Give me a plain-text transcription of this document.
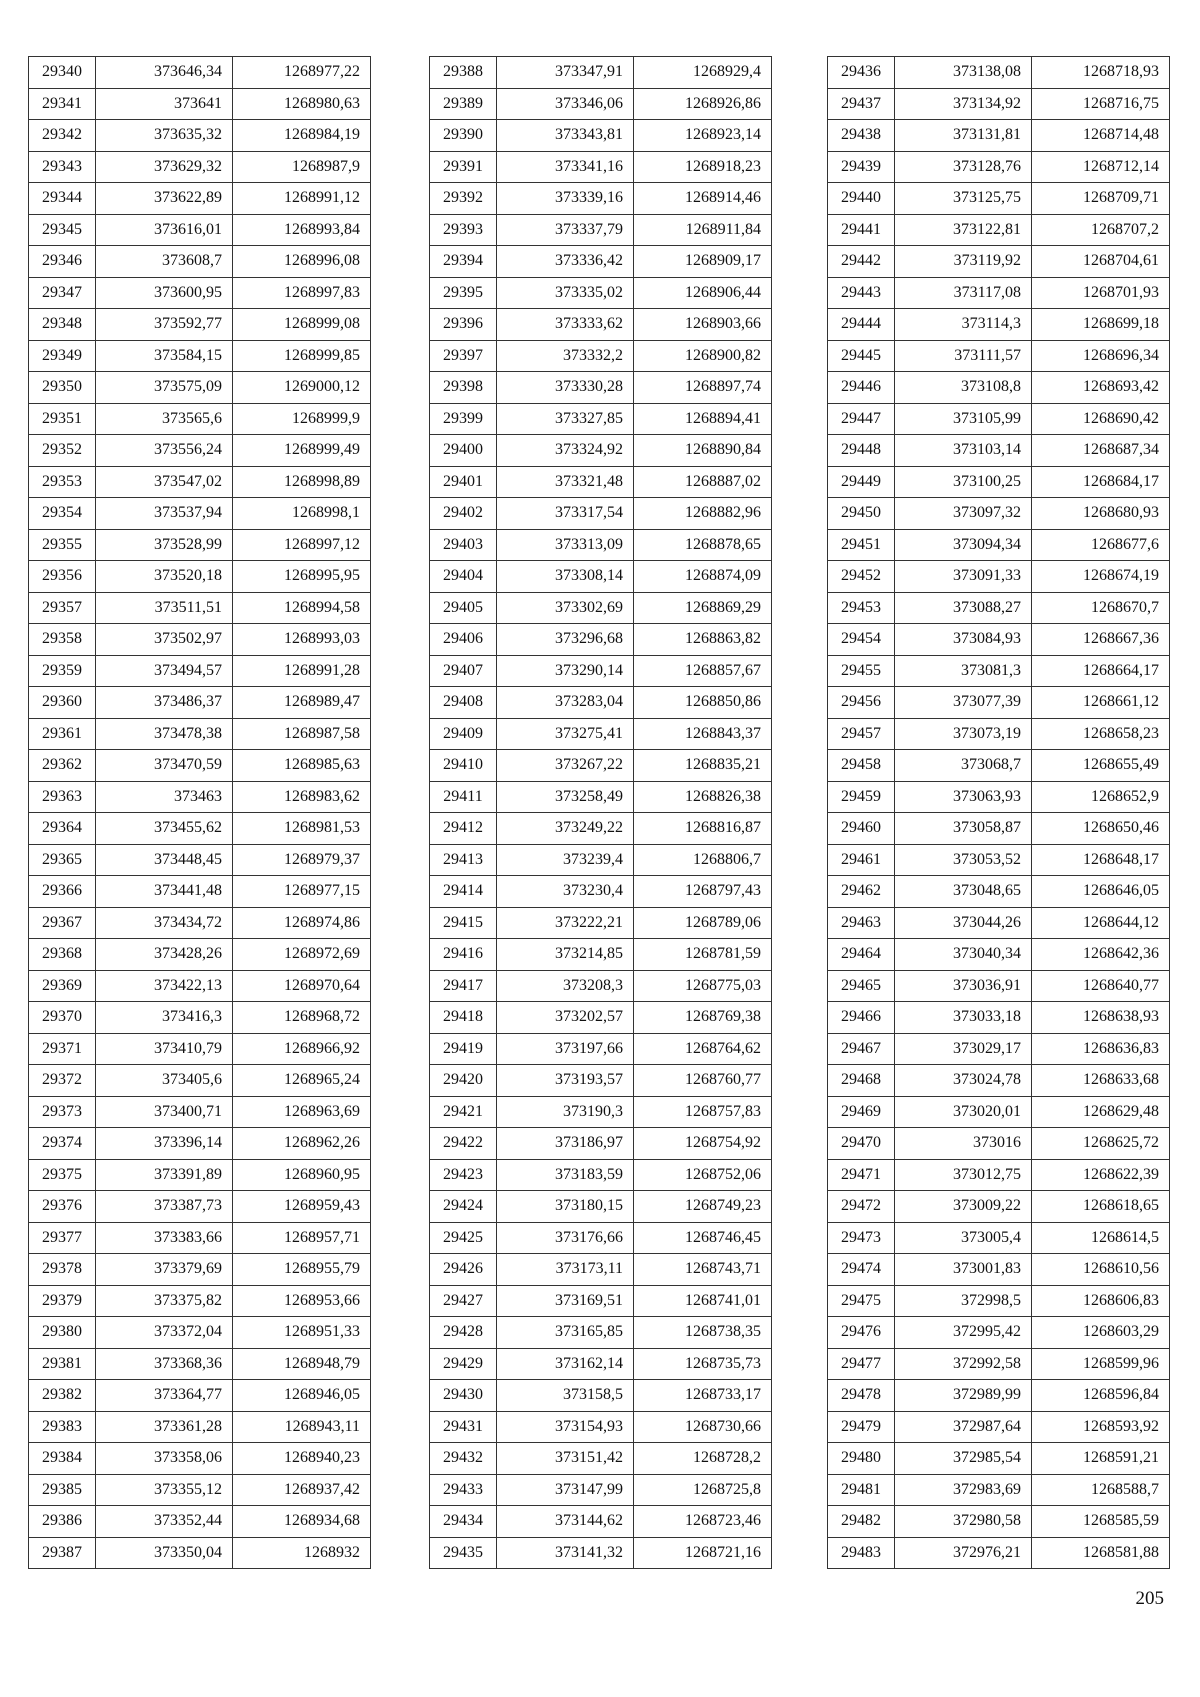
29340	373646,34	1268977,22
29341	373641	1268980,63
29342	373635,32	1268984,19
29343	373629,32	1268987,9
29344	373622,89	1268991,12
29345	373616,01	1268993,84
29346	373608,7	1268996,08
29347	373600,95	1268997,83
29348	373592,77	1268999,08
29349	373584,15	1268999,85
29350	373575,09	1269000,12
29351	373565,6	1268999,9
29352	373556,24	1268999,49
29353	373547,02	1268998,89
29354	373537,94	1268998,1
29355	373528,99	1268997,12
29356	373520,18	1268995,95
29357	373511,51	1268994,58
29358	373502,97	1268993,03
29359	373494,57	1268991,28
29360	373486,37	1268989,47
29361	373478,38	1268987,58
29362	373470,59	1268985,63
29363	373463	1268983,62
29364	373455,62	1268981,53
29365	373448,45	1268979,37
29366	373441,48	1268977,15
29367	373434,72	1268974,86
29368	373428,26	1268972,69
29369	373422,13	1268970,64
29370	373416,3	1268968,72
29371	373410,79	1268966,92
29372	373405,6	1268965,24
29373	373400,71	1268963,69
29374	373396,14	1268962,26
29375	373391,89	1268960,95
29376	373387,73	1268959,43
29377	373383,66	1268957,71
29378	373379,69	1268955,79
29379	373375,82	1268953,66
29380	373372,04	1268951,33
29381	373368,36	1268948,79
29382	373364,77	1268946,05
29383	373361,28	1268943,11
29384	373358,06	1268940,23
29385	373355,12	1268937,42
29386	373352,44	1268934,68
29387	373350,04	1268932
29388	373347,91	1268929,4
29389	373346,06	1268926,86
29390	373343,81	1268923,14
29391	373341,16	1268918,23
29392	373339,16	1268914,46
29393	373337,79	1268911,84
29394	373336,42	1268909,17
29395	373335,02	1268906,44
29396	373333,62	1268903,66
29397	373332,2	1268900,82
29398	373330,28	1268897,74
29399	373327,85	1268894,41
29400	373324,92	1268890,84
29401	373321,48	1268887,02
29402	373317,54	1268882,96
29403	373313,09	1268878,65
29404	373308,14	1268874,09
29405	373302,69	1268869,29
29406	373296,68	1268863,82
29407	373290,14	1268857,67
29408	373283,04	1268850,86
29409	373275,41	1268843,37
29410	373267,22	1268835,21
29411	373258,49	1268826,38
29412	373249,22	1268816,87
29413	373239,4	1268806,7
29414	373230,4	1268797,43
29415	373222,21	1268789,06
29416	373214,85	1268781,59
29417	373208,3	1268775,03
29418	373202,57	1268769,38
29419	373197,66	1268764,62
29420	373193,57	1268760,77
29421	373190,3	1268757,83
29422	373186,97	1268754,92
29423	373183,59	1268752,06
29424	373180,15	1268749,23
29425	373176,66	1268746,45
29426	373173,11	1268743,71
29427	373169,51	1268741,01
29428	373165,85	1268738,35
29429	373162,14	1268735,73
29430	373158,5	1268733,17
29431	373154,93	1268730,66
29432	373151,42	1268728,2
29433	373147,99	1268725,8
29434	373144,62	1268723,46
29435	373141,32	1268721,16
29436	373138,08	1268718,93
29437	373134,92	1268716,75
29438	373131,81	1268714,48
29439	373128,76	1268712,14
29440	373125,75	1268709,71
29441	373122,81	1268707,2
29442	373119,92	1268704,61
29443	373117,08	1268701,93
29444	373114,3	1268699,18
29445	373111,57	1268696,34
29446	373108,8	1268693,42
29447	373105,99	1268690,42
29448	373103,14	1268687,34
29449	373100,25	1268684,17
29450	373097,32	1268680,93
29451	373094,34	1268677,6
29452	373091,33	1268674,19
29453	373088,27	1268670,7
29454	373084,93	1268667,36
29455	373081,3	1268664,17
29456	373077,39	1268661,12
29457	373073,19	1268658,23
29458	373068,7	1268655,49
29459	373063,93	1268652,9
29460	373058,87	1268650,46
29461	373053,52	1268648,17
29462	373048,65	1268646,05
29463	373044,26	1268644,12
29464	373040,34	1268642,36
29465	373036,91	1268640,77
29466	373033,18	1268638,93
29467	373029,17	1268636,83
29468	373024,78	1268633,68
29469	373020,01	1268629,48
29470	373016	1268625,72
29471	373012,75	1268622,39
29472	373009,22	1268618,65
29473	373005,4	1268614,5
29474	373001,83	1268610,56
29475	372998,5	1268606,83
29476	372995,42	1268603,29
29477	372992,58	1268599,96
29478	372989,99	1268596,84
29479	372987,64	1268593,92
29480	372985,54	1268591,21
29481	372983,69	1268588,7
29482	372980,58	1268585,59
29483	372976,21	1268581,88
205
